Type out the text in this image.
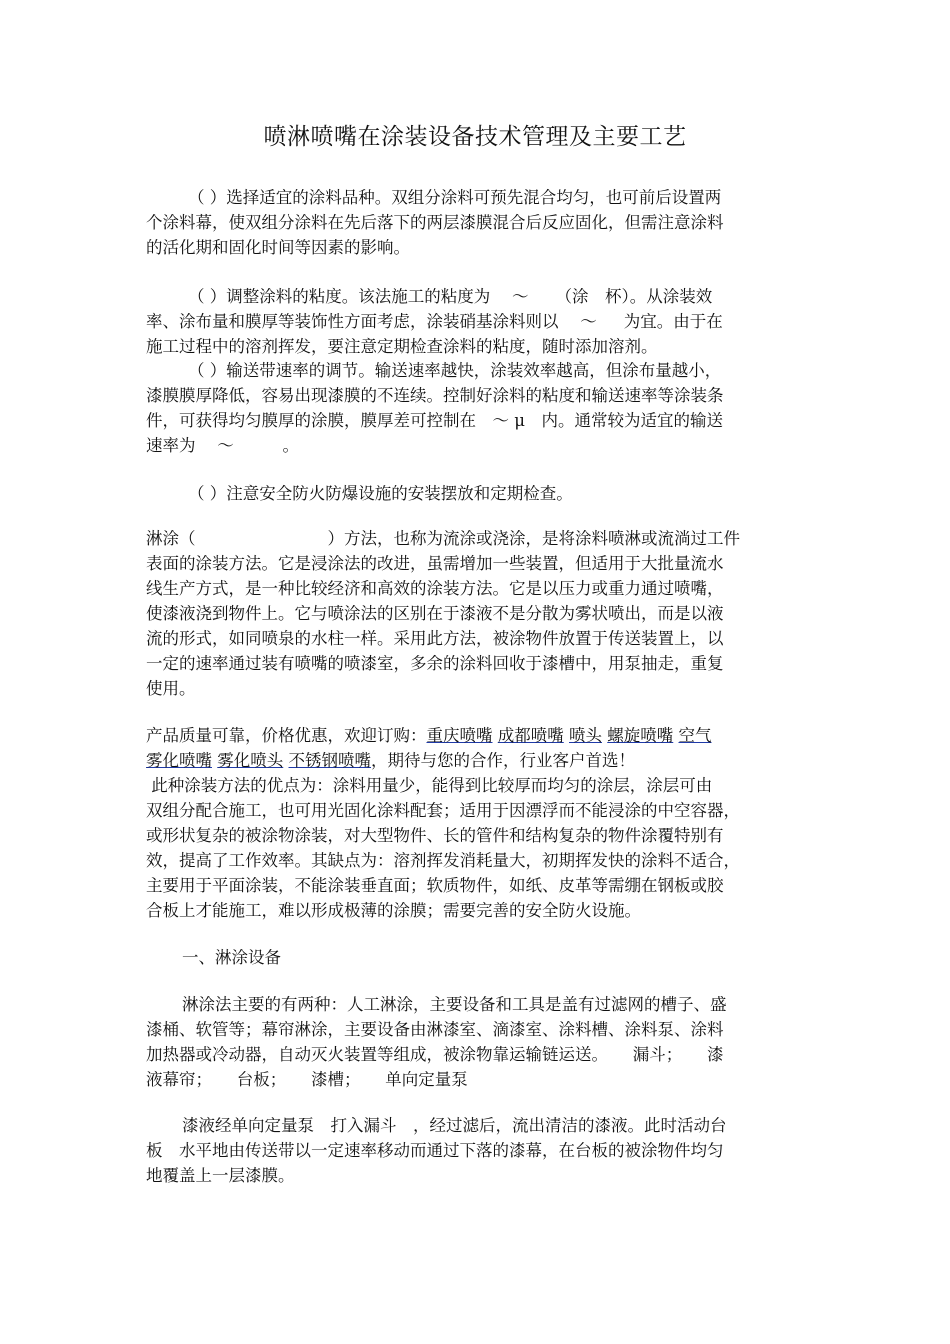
喷淋喷嘴在涂装设备技术管理及主要工艺
（ ）选择适宜的涂料品种。双组分涂料可预先混合均匀，也可前后设置两
个涂料幕，使双组分涂料在先后落下的两层漆膜混合后反应固化，但需注意涂料
的活化期和固化时间等因素的影响。
（ ）调整涂料的粘度。该法施工的粘度为　 ～ 　 （涂　杯）。从涂装效
率、涂布量和膜厚等装饰性方面考虑，涂装硝基涂料则以　 ～ 　 为宜。由于在
施工过程中的溶剂挥发，要注意定期检查涂料的粘度，随时添加溶剂。
（ ）输送带速率的调节。输送速率越快，涂装效率越高，但涂布量越小，
漆膜膜厚降低，容易出现漆膜的不连续。控制好涂料的粘度和输送速率等涂装条
件，可获得均匀膜厚的涂膜，膜厚差可控制在　～ μ　内。通常较为适宜的输送
速率为　 ～ 　 　 。
（ ）注意安全防火防爆设施的安装摆放和定期检查。
淋涂（　　　　　　　　）方法，也称为流涂或浇涂，是将涂料喷淋或流淌过工件
表面的涂装方法。它是浸涂法的改进，虽需增加一些装置，但适用于大批量流水
线生产方式，是一种比较经济和高效的涂装方法。它是以压力或重力通过喷嘴，
使漆液浇到物件上。它与喷涂法的区别在于漆液不是分散为雾状喷出，而是以液
流的形式，如同喷泉的水柱一样。采用此方法，被涂物件放置于传送装置上，以
一定的速率通过装有喷嘴的喷漆室，多余的涂料回收于漆槽中，用泵抽走，重复
使用。
产品质量可靠，价格优惠，欢迎订购：重庆喷嘴 成都喷嘴 喷头 螺旋喷嘴 空气
雾化喷嘴 雾化喷头 不锈钢喷嘴，期待与您的合作，行业客户首选！
此种涂装方法的优点为：涂料用量少，能得到比较厚而均匀的涂层，涂层可由
双组分配合施工，也可用光固化涂料配套；适用于因漂浮而不能浸涂的中空容器，
或形状复杂的被涂物涂装，对大型物件、长的管件和结构复杂的物件涂覆特别有
效，提高了工作效率。其缺点为：溶剂挥发消耗量大，初期挥发快的涂料不适合，
主要用于平面涂装，不能涂装垂直面；软质物件，如纸、皮革等需绷在钢板或胶
合板上才能施工，难以形成极薄的涂膜；需要完善的安全防火设施。
一、淋涂设备
淋涂法主要的有两种：人工淋涂，主要设备和工具是盖有过滤网的槽子、盛
漆桶、软管等；幕帘淋涂，主要设备由淋漆室、滴漆室、涂料槽、涂料泵、涂料
加热器或冷动器，自动灭火装置等组成，被涂物靠运输链运送。　　漏斗；　　漆
液幕帘；　　台板；　　漆槽；　　单向定量泵
漆液经单向定量泵　打入漏斗　，经过滤后，流出清洁的漆液。此时活动台
板　水平地由传送带以一定速率移动而通过下落的漆幕，在台板的被涂物件均匀
地覆盖上一层漆膜。
